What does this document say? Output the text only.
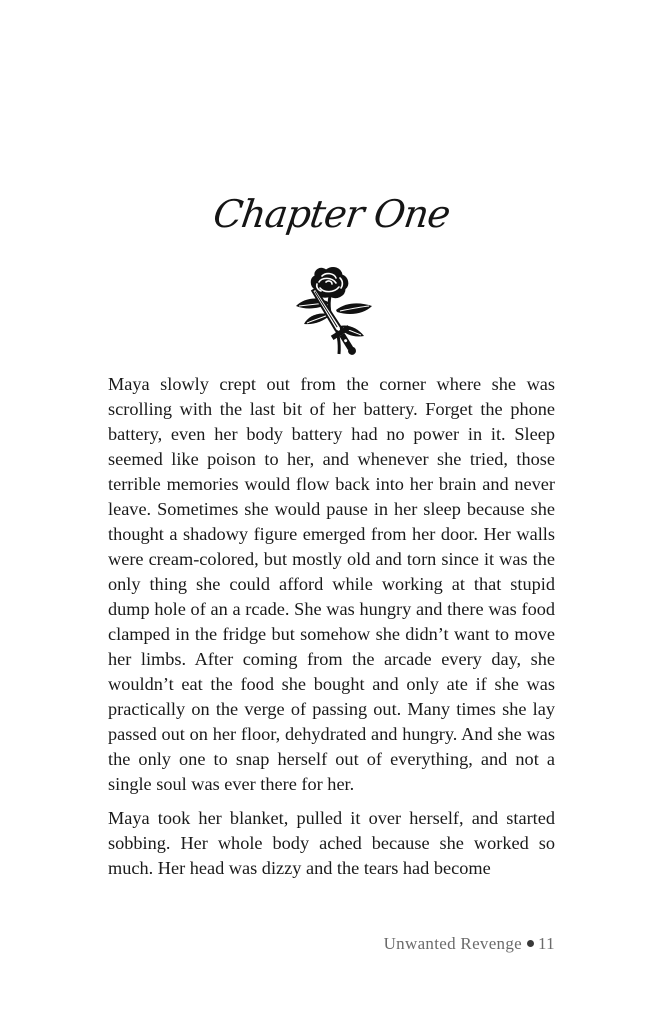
Chapter One

Maya slowly crept out from the corner where she was scrolling with the last bit of her battery. Forget the phone battery, even her body battery had no power in it. Sleep seemed like poison to her, and whenever she tried, those terrible memories would flow back into her brain and never leave. Sometimes she would pause in her sleep because she thought a shadowy figure emerged from her door. Her walls were cream-colored, but mostly old and torn since it was the only thing she could afford while working at that stupid dump hole of an a rcade. She was hungry and there was food clamped in the fridge but somehow she didn’t want to move her limbs. After coming from the arcade every day, she wouldn’t eat the food she bought and only ate if she was practically on the verge of passing out. Many times she lay passed out on her floor, dehydrated and hungry. And she was the only one to snap herself out of everything, and not a single soul was ever there for her.

Maya took her blanket, pulled it over herself, and started sobbing. Her whole body ached because she worked so much. Her head was dizzy and the tears had become

Unwanted Revenge 11
